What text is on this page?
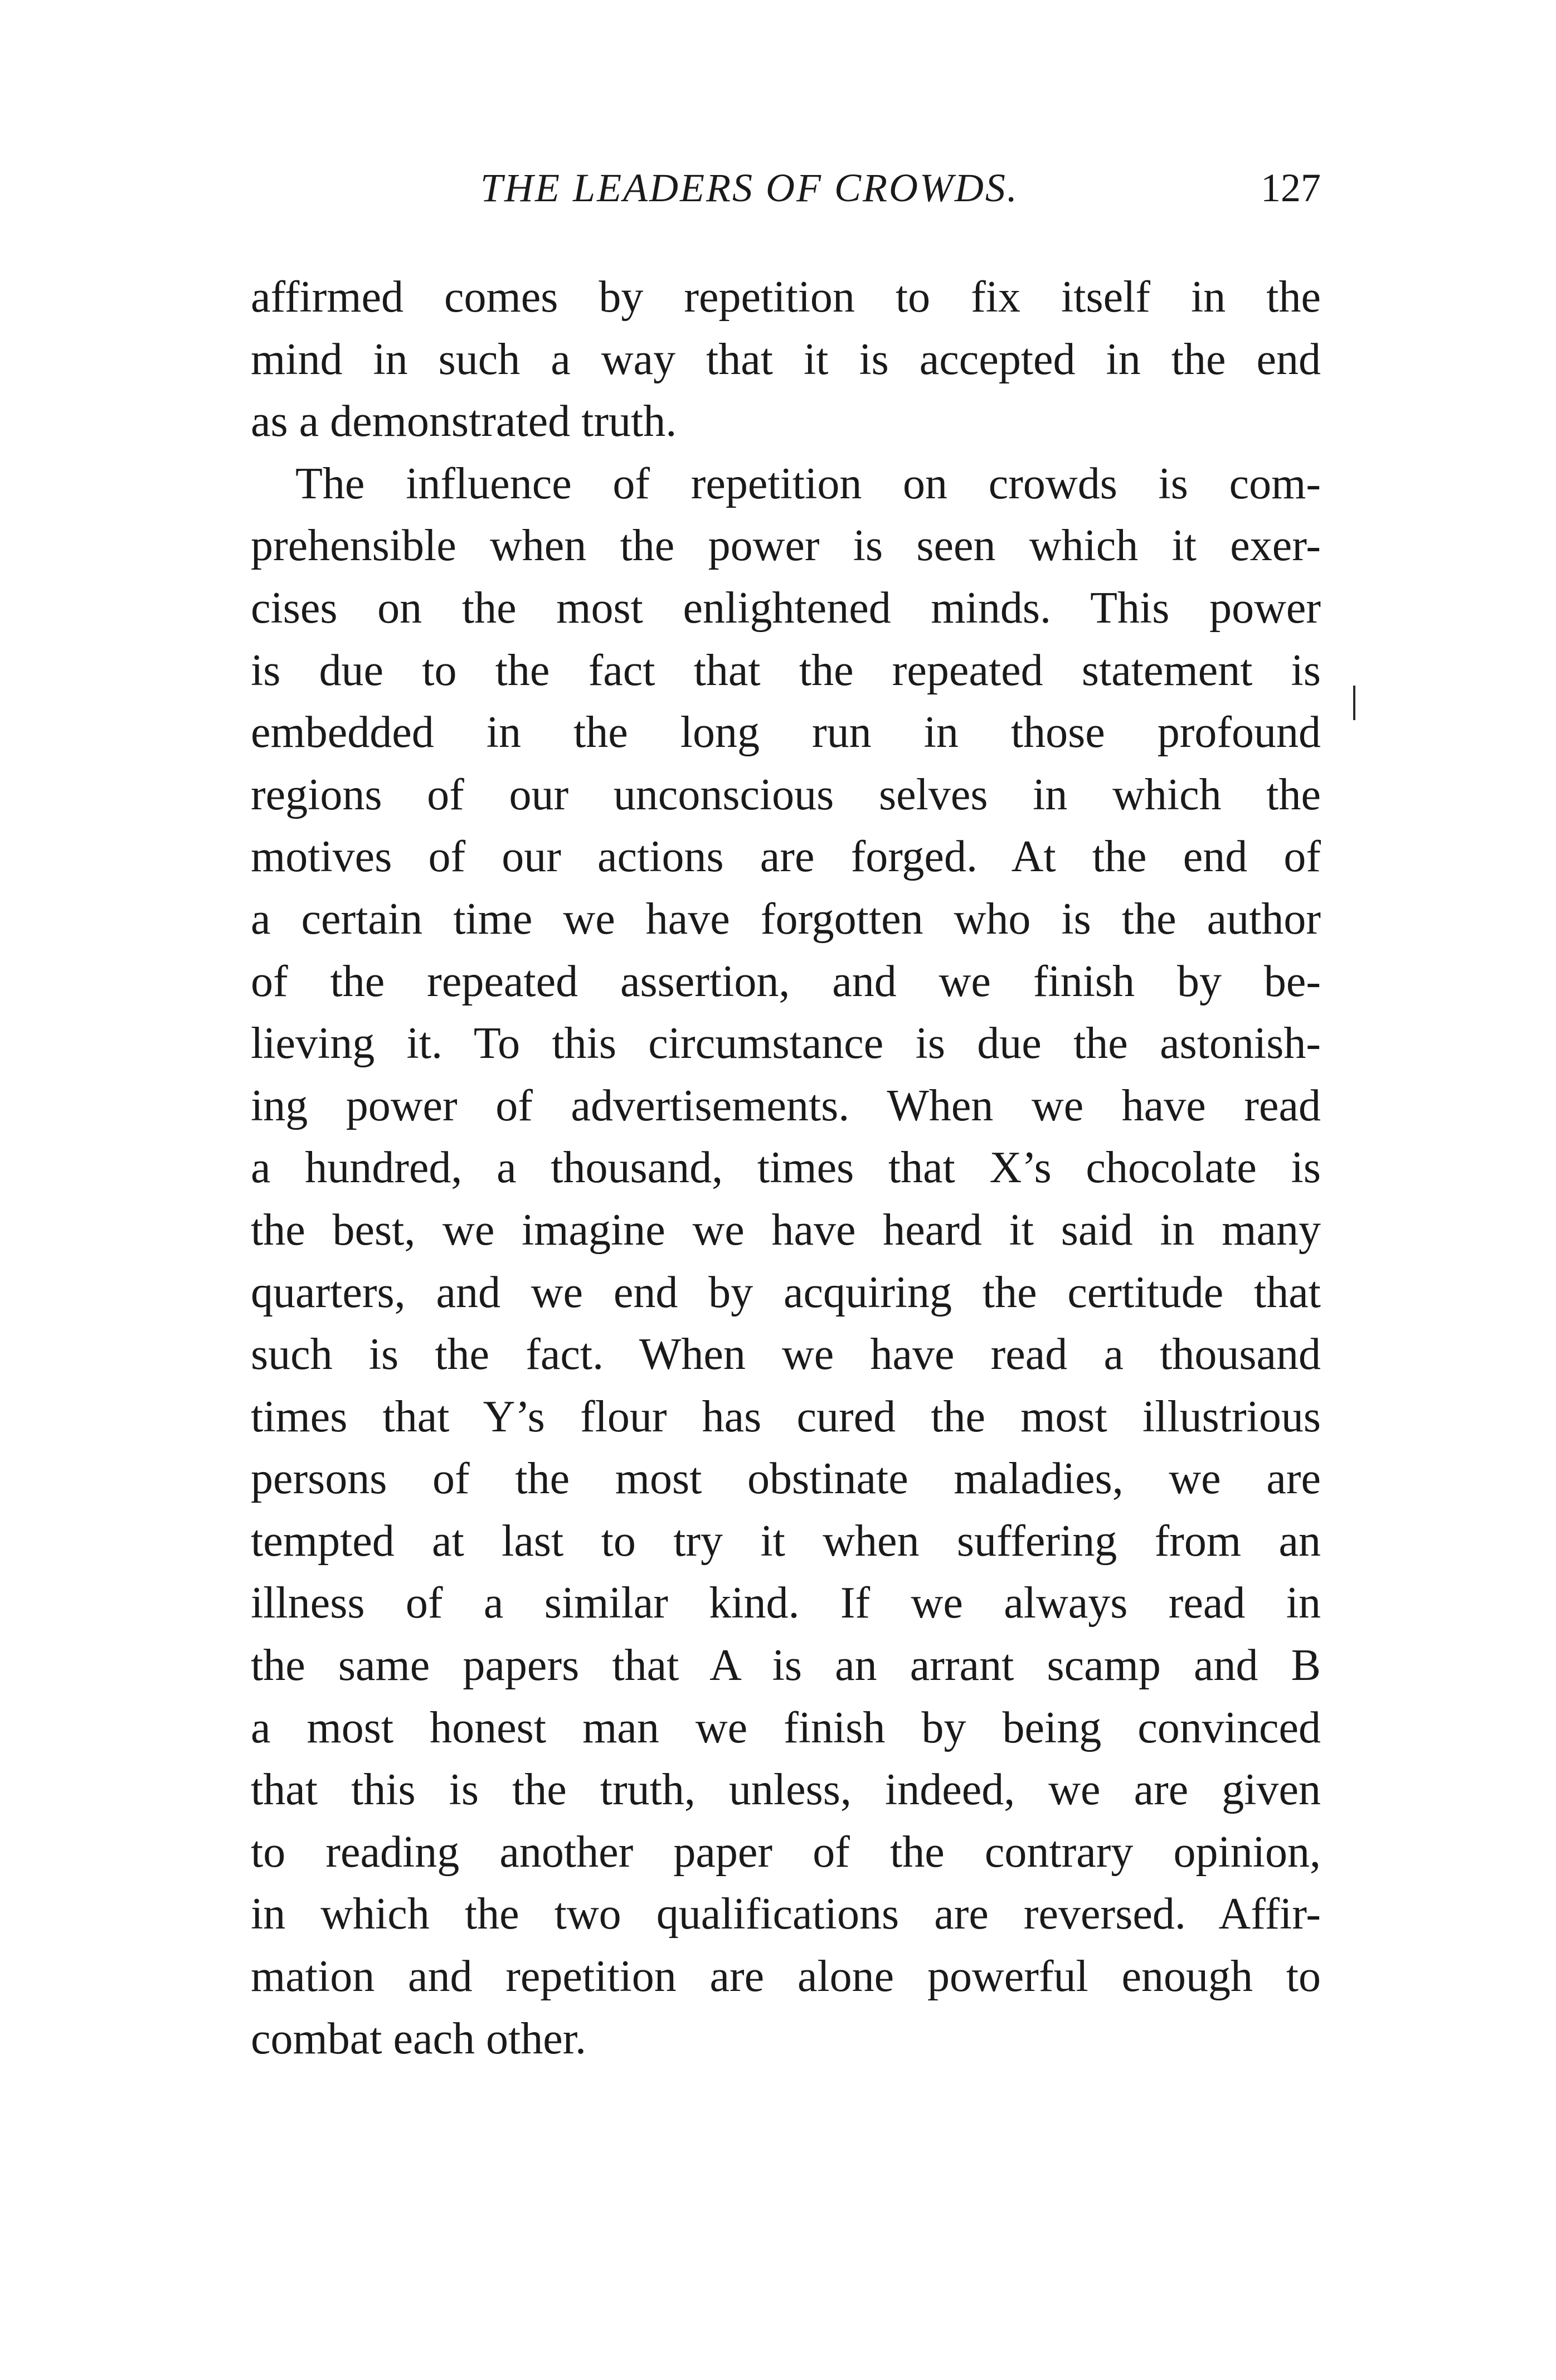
THE LEADERS OF CROWDS.	127
affirmed comes by repetition to fix itself in the
mind in such a way that it is accepted in the end
as a demonstrated truth.
The influence of repetition on crowds is com-
prehensible when the power is seen which it exer-
cises on the most enlightened minds. This power
is due to the fact that the repeated statement is
embedded in the long run in those profound
regions of our unconscious selves in which the
motives of our actions are forged. At the end of
a certain time we have forgotten who is the author
of the repeated assertion, and we finish by be-
lieving it. To this circumstance is due the astonish-
ing power of advertisements. When we have read
a hundred, a thousand, times that X’s chocolate is
the best, we imagine we have heard it said in many
quarters, and we end by acquiring the certitude that
such is the fact. When we have read a thousand
times that Y’s flour has cured the most illustrious
persons of the most obstinate maladies, we are
tempted at last to try it when suffering from an
illness of a similar kind. If we always read in
the same papers that A is an arrant scamp and B
a most honest man we finish by being convinced
that this is the truth, unless, indeed, we are given
to reading another paper of the contrary opinion,
in which the two qualifications are reversed. Affir-
mation and repetition are alone powerful enough to
combat each other.
